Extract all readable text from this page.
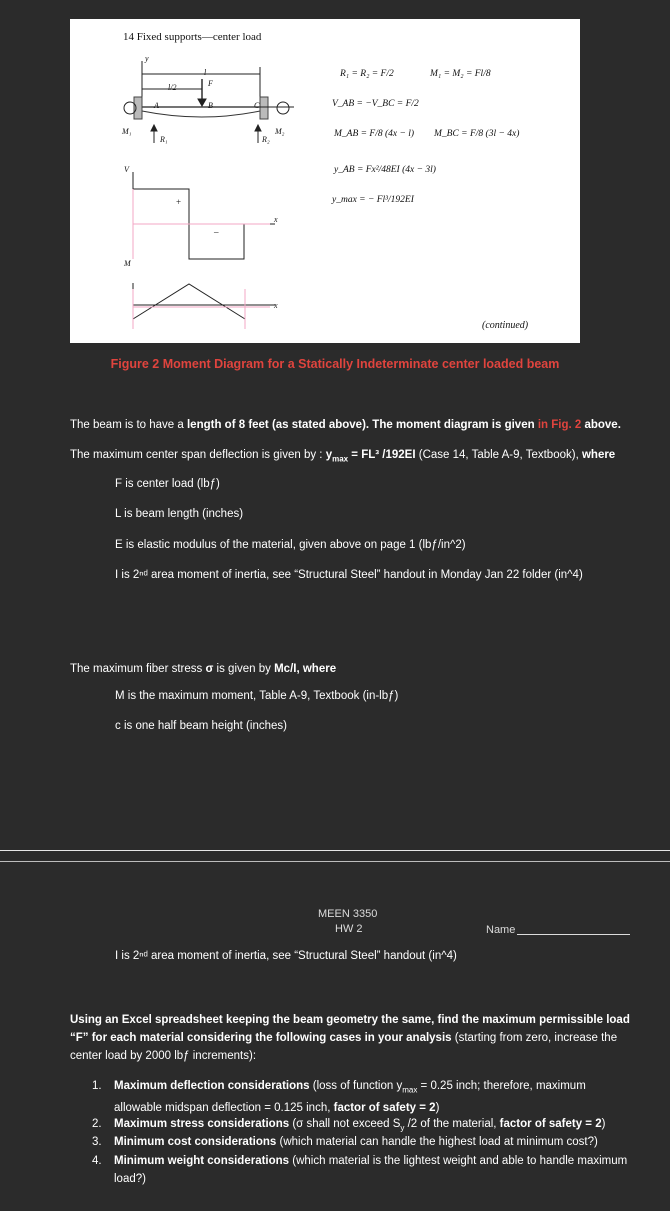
14 Fixed supports—center load
y
l
l/2	F
A	B	C
M₁	M₂
R₁	R₂
x
x
V
M
+
–
R₁ = R₂ = F/2	M₁ = M₂ = Fl/8
V_AB = −V_BC = F/2
M_AB = F/8 (4x − l) M_BC = F/8 (3l − 4x)
y_AB = Fx²/48EI (4x − 3l)
y_max = − Fl³/192EI
(continued)
Figure 2 Moment Diagram for a Statically Indeterminate center loaded beam
The beam is to have a length of 8 feet (as stated above). The moment diagram is given in Fig. 2 above.
The maximum center span deflection is given by : $y_{max} = FL^3$ /192EI (Case 14, Table A-9, Textbook), where
F is center load (lbƒ)
L is beam length (inches)
E is elastic modulus of the material, given above on page 1 (lbƒ/in^2)
I is 2ⁿᵈ area moment of inertia, see “Structural Steel” handout in Monday Jan 22 folder (in^4)
The maximum fiber stress σ is given by Mc/I, where
M is the maximum moment, Table A-9, Textbook (in-lbƒ)
c is one half beam height (inches)
MEEN 3350
HW 2	Name
I is 2ⁿᵈ area moment of inertia, see “Structural Steel” handout (in^4)
Using an Excel spreadsheet keeping the beam geometry the same, find the maximum permissible load “F” for each material considering the following cases in your analysis (starting from zero, increase the center load by 2000 lbƒ increments):
1.	Maximum deflection considerations (loss of function $y_{max} = 0.25$ inch; therefore, maximum allowable midspan deflection = 0.125 inch, factor of safety = 2)
2.	Maximum stress considerations (σ shall not exceed $S_y$ /2 of the material, factor of safety = 2)
3.	Minimum cost considerations (which material can handle the highest load at minimum cost?)
4.	Minimum weight considerations (which material is the lightest weight and able to handle maximum load?)
